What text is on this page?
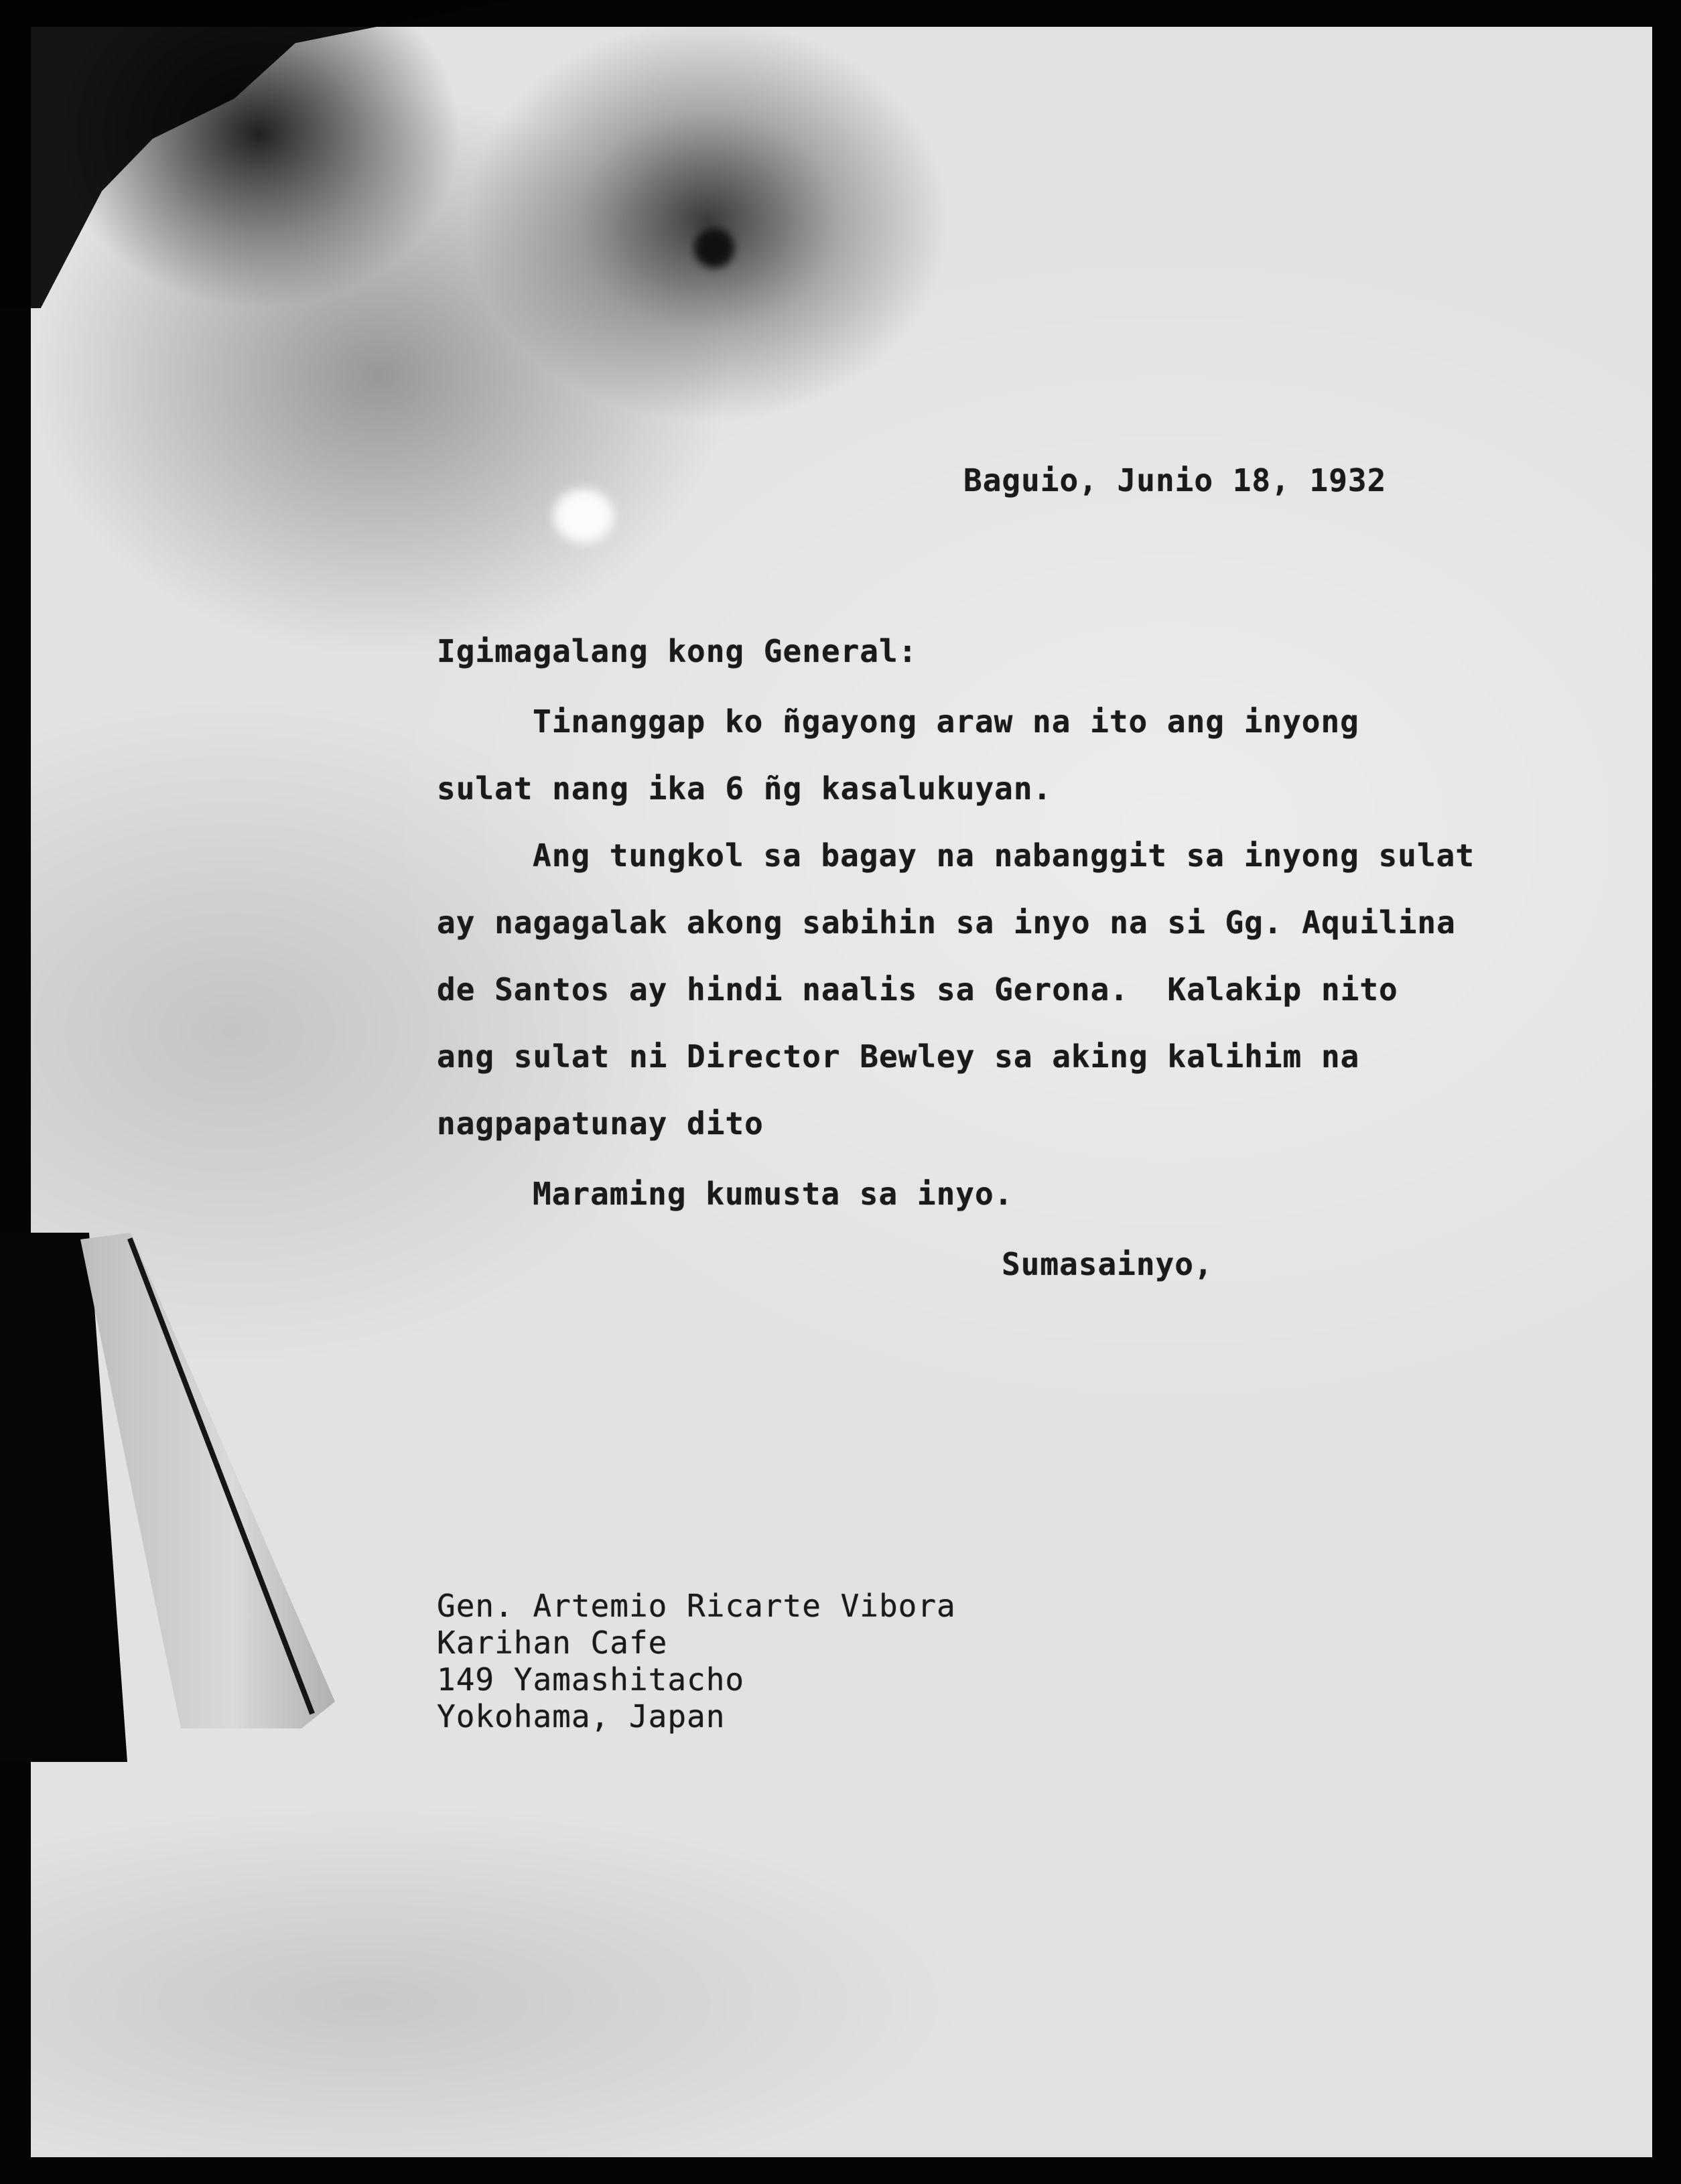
Baguio, Junio 18, 1932

Igimagalang kong General:

Tinanggap ko ñgayong araw na ito ang inyong

sulat nang ika 6 ñg kasalukuyan.

Ang tungkol sa bagay na nabanggit sa inyong sulat

ay nagagalak akong sabihin sa inyo na si Gg. Aquilina

de Santos ay hindi naalis sa Gerona.  Kalakip nito

ang sulat ni Director Bewley sa aking kalihim na

nagpapatunay dito

Maraming kumusta sa inyo.

Sumasainyo,

Gen. Artemio Ricarte Vibora

Karihan Cafe

149 Yamashitacho

Yokohama, Japan
